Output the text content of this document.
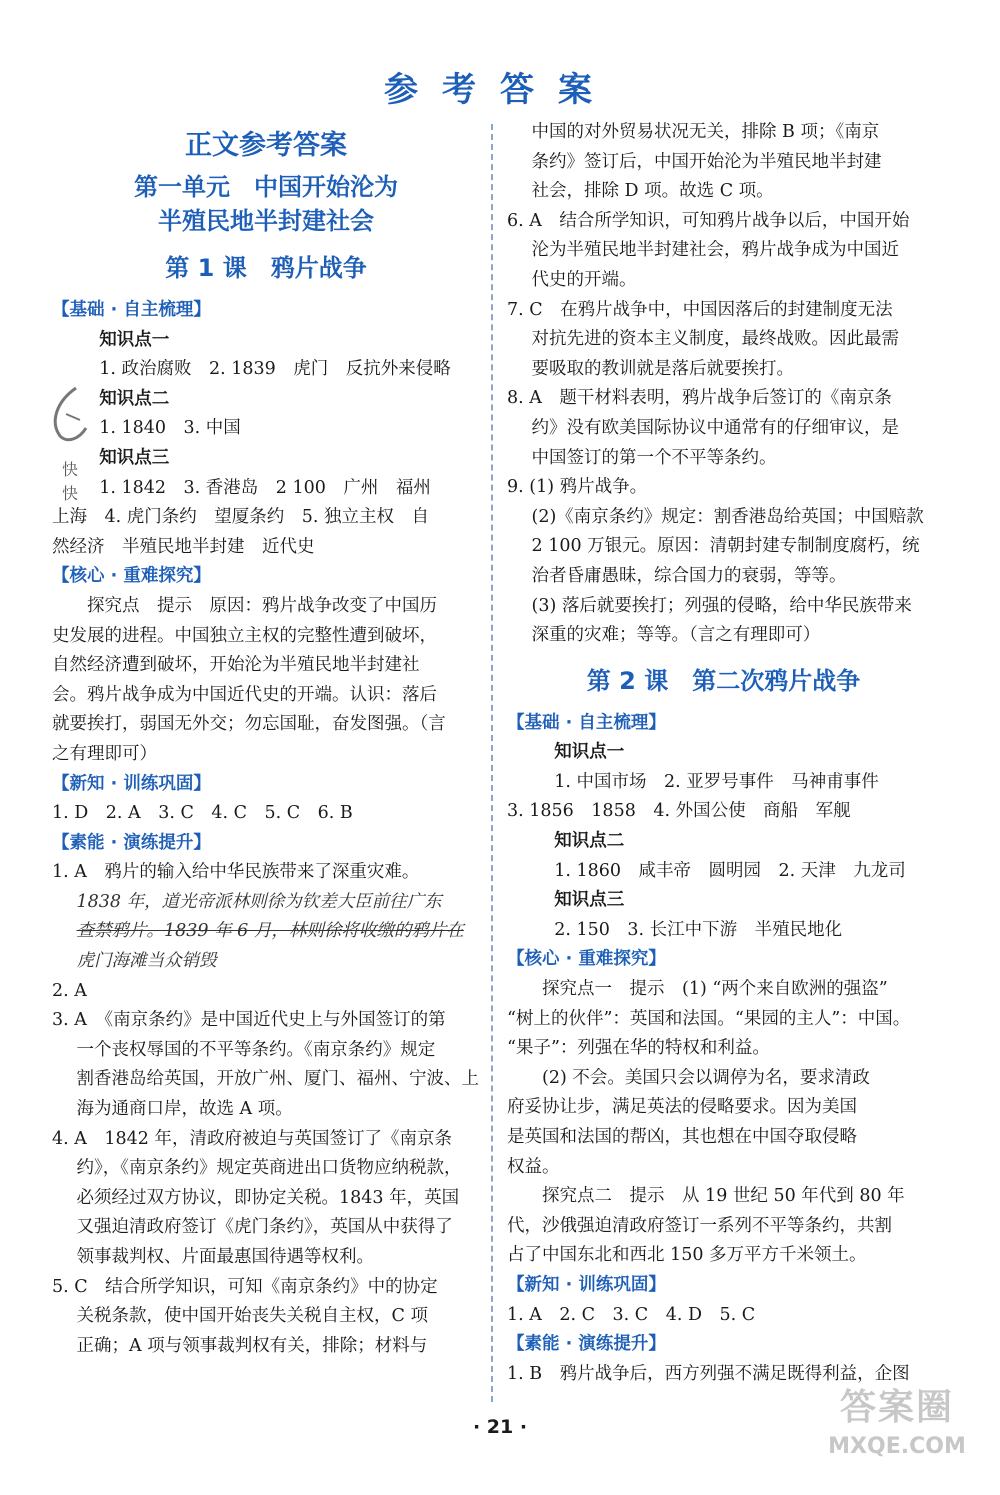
参考答案
快快
正文参考答案
第一单元　中国开始沦为
半殖民地半封建社会
第 1 课　鸦片战争
【基础 · 自主梳理】
知识点一
1. 政治腐败　2. 1839　虎门　反抗外来侵略
知识点二
1. 1840　3. 中国
知识点三
1. 1842　3. 香港岛　2 100　广州　福州
上海　4. 虎门条约　望厦条约　5. 独立主权　自
然经济　半殖民地半封建　近代史
【核心 · 重难探究】
探究点　提示　原因：鸦片战争改变了中国历
史发展的进程。中国独立主权的完整性遭到破坏，
自然经济遭到破坏，开始沦为半殖民地半封建社
会。鸦片战争成为中国近代史的开端。认识：落后
就要挨打，弱国无外交；勿忘国耻，奋发图强。（言
之有理即可）
【新知 · 训练巩固】
1. D　2. A　3. C　4. C　5. C　6. B
【素能 · 演练提升】
1. A　鸦片的输入给中华民族带来了深重灾难。
1838 年，道光帝派林则徐为钦差大臣前往广东
查禁鸦片。1839 年 6 月，林则徐将收缴的鸦片在
虎门海滩当众销毁
2. A
3. A　《南京条约》是中国近代史上与外国签订的第
一个丧权辱国的不平等条约。《南京条约》规定
割香港岛给英国，开放广州、厦门、福州、宁波、上
海为通商口岸，故选 A 项。
4. A　1842 年，清政府被迫与英国签订了《南京条
约》，《南京条约》规定英商进出口货物应纳税款，
必须经过双方协议，即协定关税。1843 年，英国
又强迫清政府签订《虎门条约》，英国从中获得了
领事裁判权、片面最惠国待遇等权利。
5. C　结合所学知识，可知《南京条约》中的协定
关税条款，使中国开始丧失关税自主权，C 项
正确；A 项与领事裁判权有关，排除；材料与
中国的对外贸易状况无关，排除 B 项；《南京
条约》签订后，中国开始沦为半殖民地半封建
社会，排除 D 项。故选 C 项。
6. A　结合所学知识，可知鸦片战争以后，中国开始
沦为半殖民地半封建社会，鸦片战争成为中国近
代史的开端。
7. C　在鸦片战争中，中国因落后的封建制度无法
对抗先进的资本主义制度，最终战败。因此最需
要吸取的教训就是落后就要挨打。
8. A　题干材料表明，鸦片战争后签订的《南京条
约》没有欧美国际协议中通常有的仔细审议，是
中国签订的第一个不平等条约。
9. (1) 鸦片战争。
(2)《南京条约》规定：割香港岛给英国；中国赔款
2 100 万银元。原因：清朝封建专制制度腐朽，统
治者昏庸愚昧，综合国力的衰弱，等等。
(3) 落后就要挨打；列强的侵略，给中华民族带来
深重的灾难；等等。（言之有理即可）
第 2 课　第二次鸦片战争
【基础 · 自主梳理】
知识点一
1. 中国市场　2. 亚罗号事件　马神甫事件
3. 1856　1858　4. 外国公使　商船　军舰
知识点二
1. 1860　咸丰帝　圆明园　2. 天津　九龙司
知识点三
2. 150　3. 长江中下游　半殖民地化
【核心 · 重难探究】
探究点一　提示　(1) “两个来自欧洲的强盗”
“树上的伙伴”：英国和法国。“果园的主人”：中国。
“果子”：列强在华的特权和利益。
(2) 不会。美国只会以调停为名，要求清政
府妥协让步，满足英法的侵略要求。因为美国
是英国和法国的帮凶，其也想在中国夺取侵略
权益。
探究点二　提示　从 19 世纪 50 年代到 80 年
代，沙俄强迫清政府签订一系列不平等条约，共割
占了中国东北和西北 150 多万平方千米领土。
【新知 · 训练巩固】
1. A　2. C　3. C　4. D　5. C
【素能 · 演练提升】
1. B　鸦片战争后，西方列强不满足既得利益，企图
· 21 ·	答案圈
MXQE.COM
